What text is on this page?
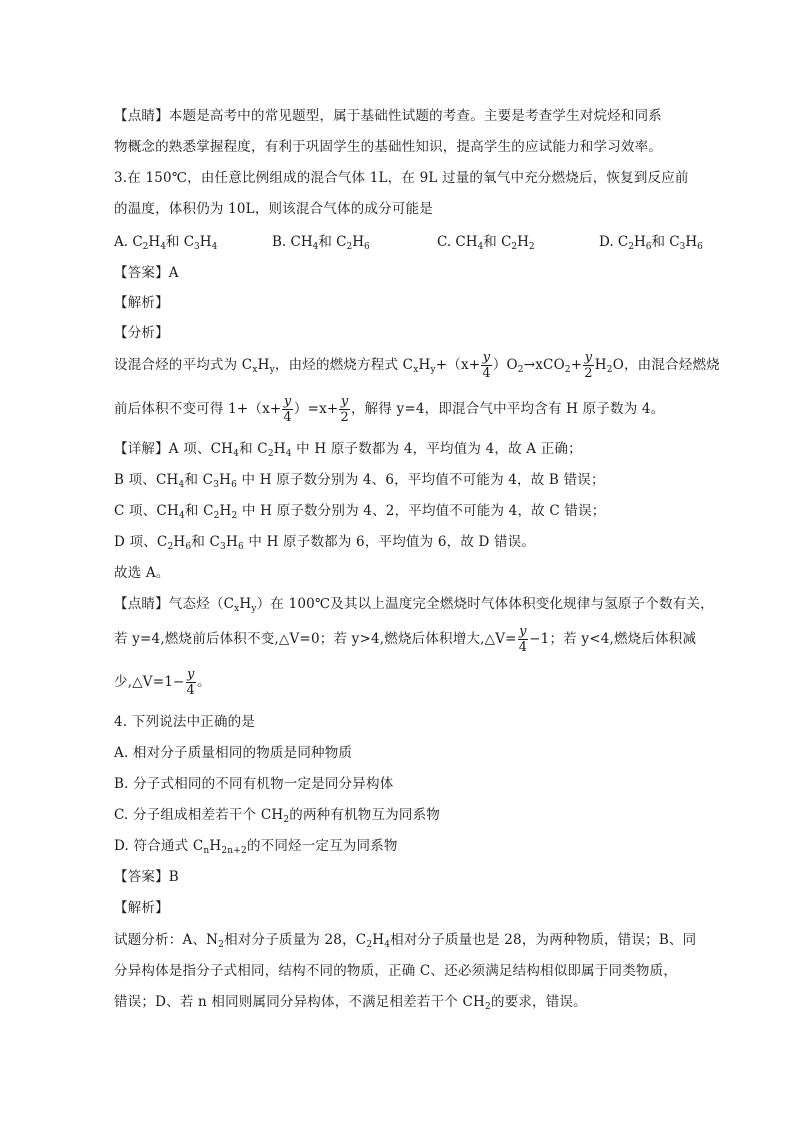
【点睛】本题是高考中的常见题型，属于基础性试题的考查。主要是考查学生对烷烃和同系
物概念的熟悉掌握程度，有利于巩固学生的基础性知识，提高学生的应试能力和学习效率。
3.在 150℃，由任意比例组成的混合气体 1L，在 9L 过量的氧气中充分燃烧后，恢复到反应前
的温度，体积仍为 10L，则该混合气体的成分可能是
A. $C_2H_4$和 $C_3H_4$	B. $CH_4$和 $C_2H_6$	C. $CH_4$和 $C_2H_2$	D. $C_2H_6$和 $C_3H_6$
【答案】A
【解析】
【分析】
设混合烃的平均式为 $C_xH_y$，由烃的燃烧方程式 $C_xH_y+(x+ \frac{y}{4} )O_2\to xCO_2+ \frac{y}{2} H_2O$，由混合烃燃烧
前后体积不变可得 $1+(x+ \frac{y}{4} )=x+ \frac{y}{2}$ ，解得 y=4，即混合气中平均含有 H 原子数为 4。
【详解】A 项、$CH_4$和 $C_2H_4$ 中 H 原子数都为 4，平均值为 4，故 A 正确；
B 项、$CH_4$和 $C_3H_6$ 中 H 原子数分别为 4、6，平均值不可能为 4，故 B 错误；
C 项、$CH_4$和 $C_2H_2$ 中 H 原子数分别为 4、2，平均值不可能为 4，故 C 错误；
D 项、$C_2H_6$和 $C_3H_6$ 中 H 原子数都为 6，平均值为 6，故 D 错误。
故选 A。
【点睛】气态烃$(C_xH_y)$在 100℃及其以上温度完全燃烧时气体体积变化规律与氢原子个数有关，
若 y=4,燃烧前后体积不变,△V=0；若 y>4,燃烧后体积增大,△V= $\frac{y}{4} -1$；若 y<4,燃烧后体积减
少,△V=1− $\frac{y}{4}$ 。
4. 下列说法中正确的是
A. 相对分子质量相同的物质是同种物质
B. 分子式相同的不同有机物一定是同分异构体
C. 分子组成相差若干个 $CH_2$的两种有机物互为同系物
D. 符合通式 $C_nH_{2n+2}$的不同烃一定互为同系物
【答案】B
【解析】
试题分析：A、$N_2$相对分子质量为 28，$C_2H_4$相对分子质量也是 28，为两种物质，错误；B、同
分异构体是指分子式相同，结构不同的物质，正确 C、还必须满足结构相似即属于同类物质，
错误；D、若 n 相同则属同分异构体，不满足相差若干个 $CH_2$的要求，错误。
